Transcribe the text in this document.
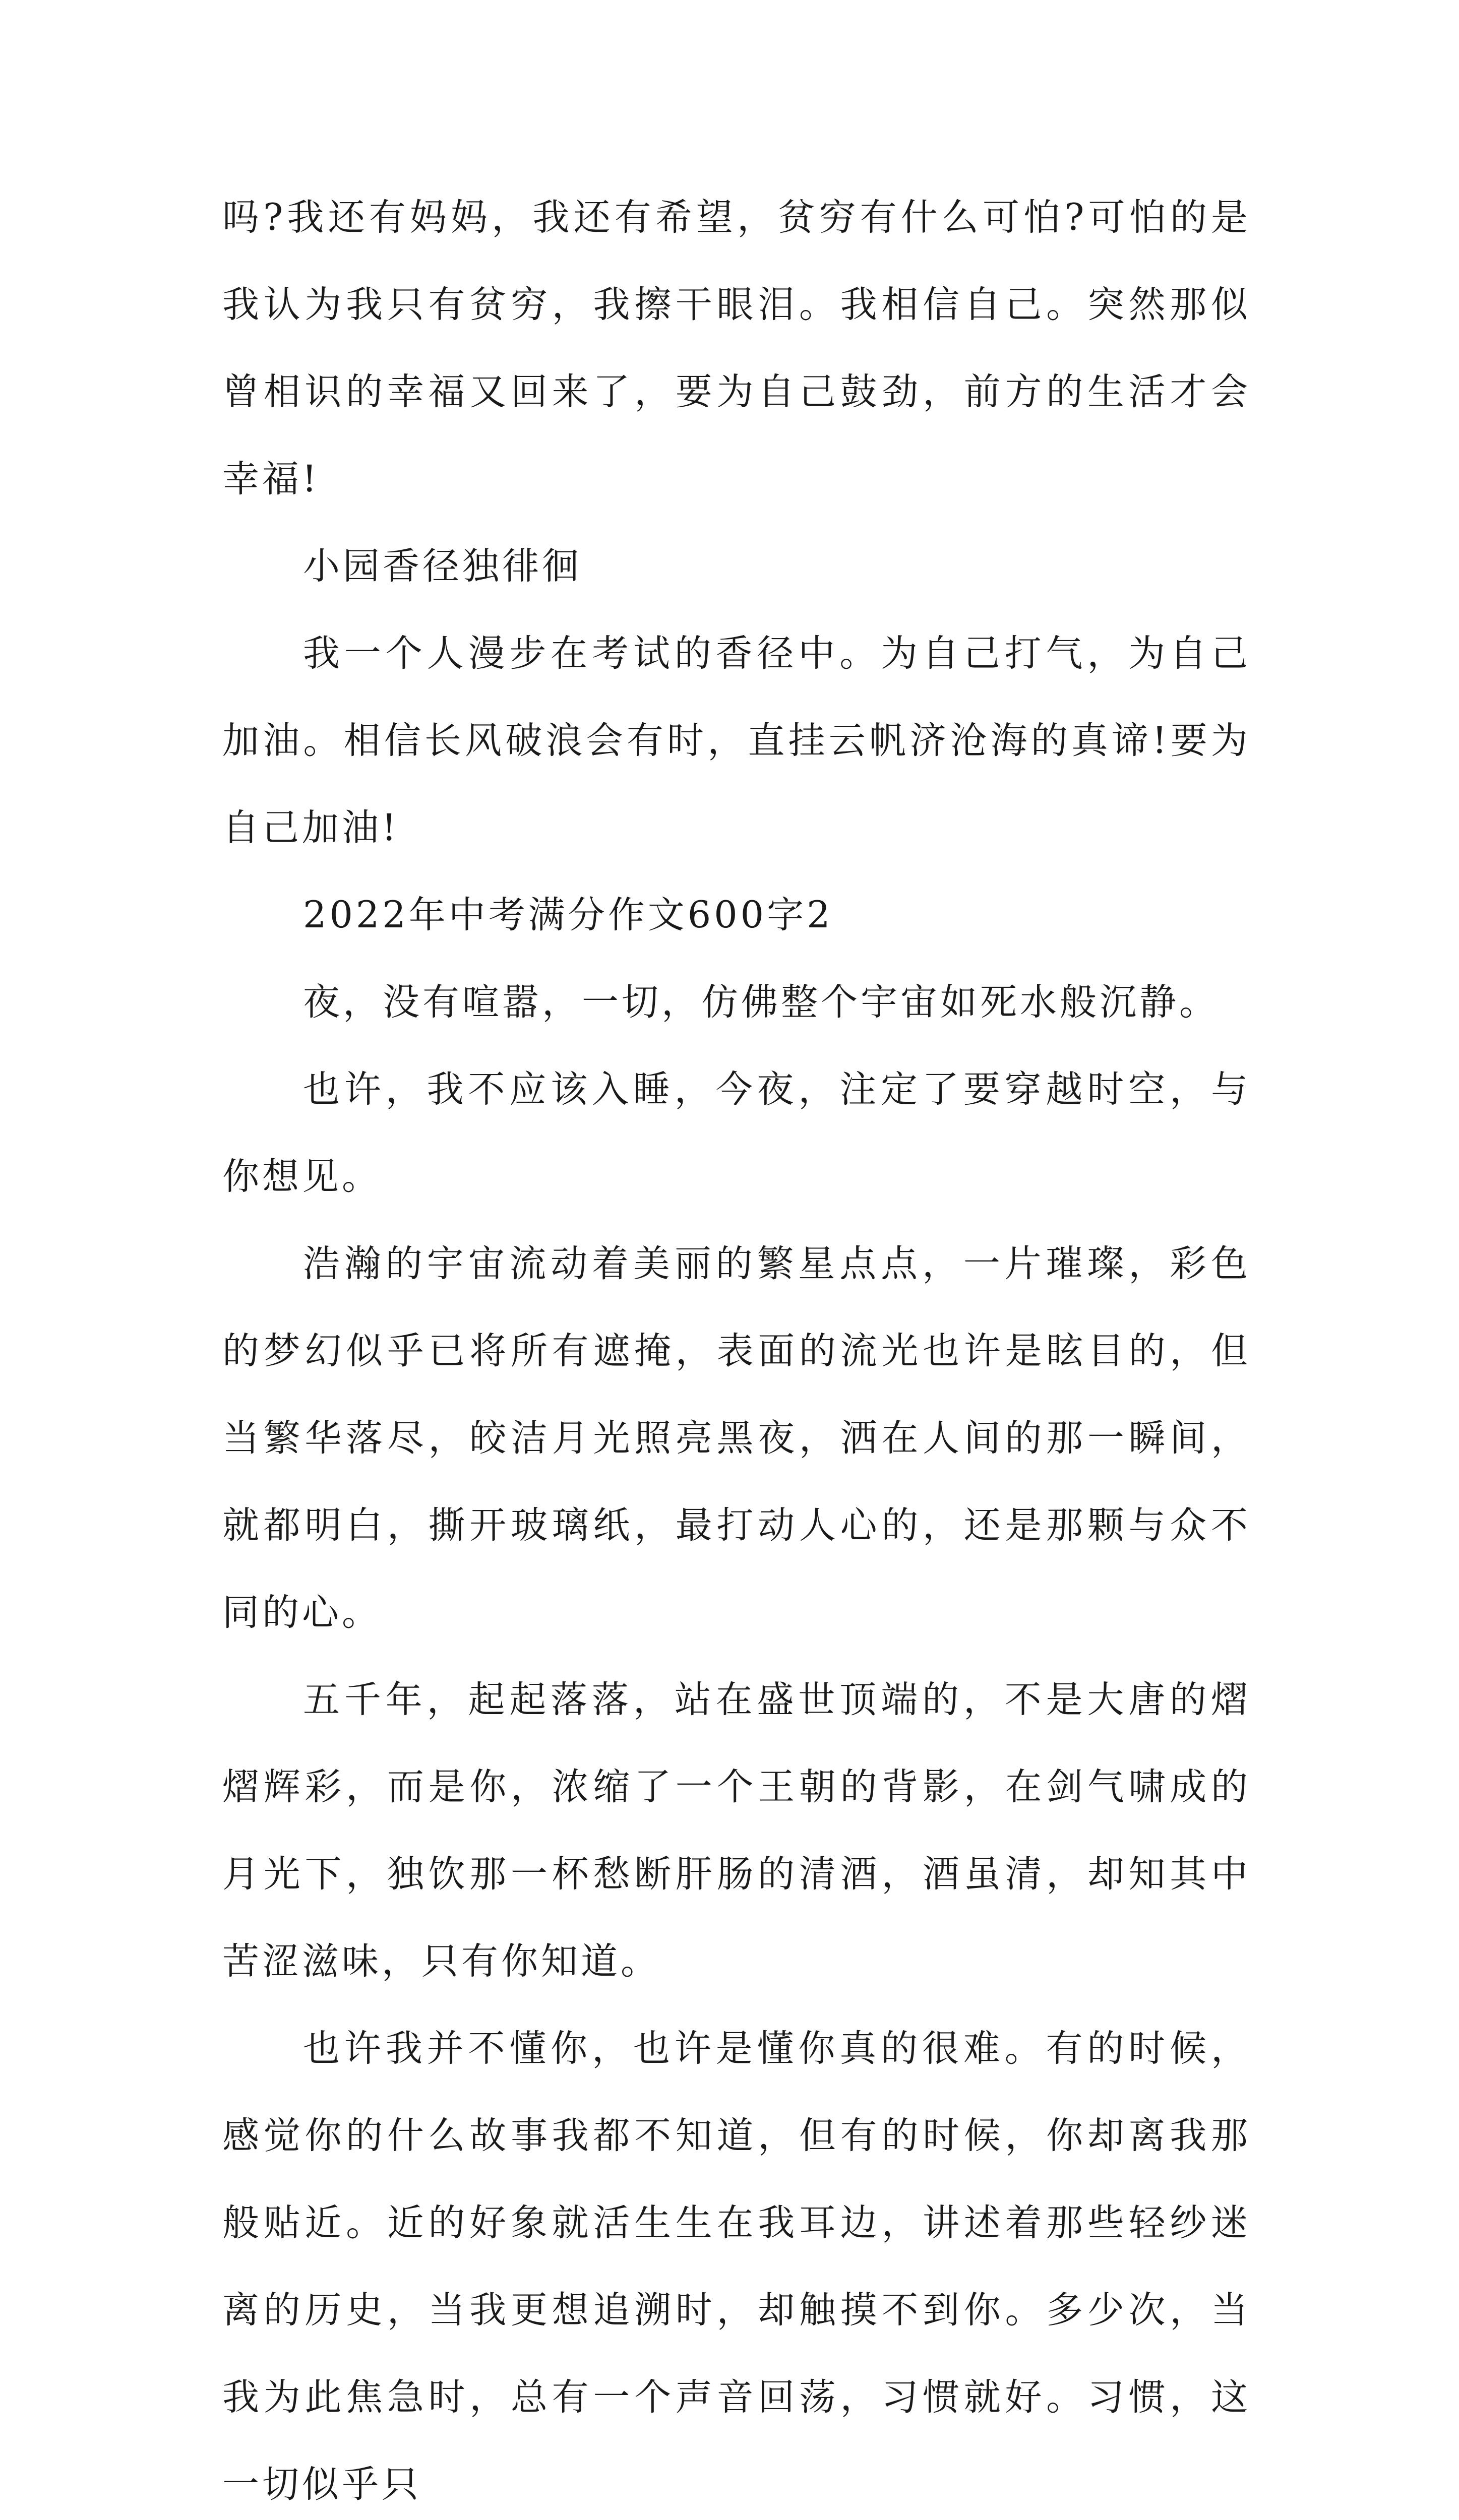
吗?我还有妈妈，我还有希望，贫穷有什么可怕?可怕的是我认为我只有贫穷，我擦干眼泪。我相信自己。突然那似曾相识的幸福又回来了，要为自己鼓劲，前方的生活才会幸福!

小园香径独徘徊

我一个人漫步在考试的香径中。为自己打气，为自己加油。相信长风破浪会有时，直挂云帆济沧海的真谛!要为自己加油!

2022年中考满分作文600字2

夜，没有喧嚣，一切，仿佛整个宇宙如死水般沉静。

也许，我不应该入睡，今夜，注定了要穿越时空，与你想见。

浩瀚的宇宙流动着美丽的繁星点点，一片璀璨，彩色的梦幻似乎已将所有遮掩，表面的流光也许是眩目的，但当繁华落尽，皎洁月光照亮黑夜，洒在人间的那一瞬间，就都明白，撕开玻璃纸，最打动人心的，还是那颗与众不同的心。

五千年，起起落落，站在盛世顶端的，不是大唐的熠熠辉彩，而是你，浓缩了一个王朝的背影，在剑气啸成的月光下，独饮那一杯愁断肝肠的清酒，酒虽清，却知其中苦涩滋味，只有你知道。

也许我并不懂你，也许是懂你真的很难。有的时候，感觉你的什么故事我都不知道，但有的时候，你却离我那般贴近。近的好象就活生生在我耳边，讲述着那些轻纱迷离的历史，当我更想追溯时，却触摸不到你。多少次，当我为此焦急时，总有一个声音回荡，习惯就好。习惯，这一切似乎只
